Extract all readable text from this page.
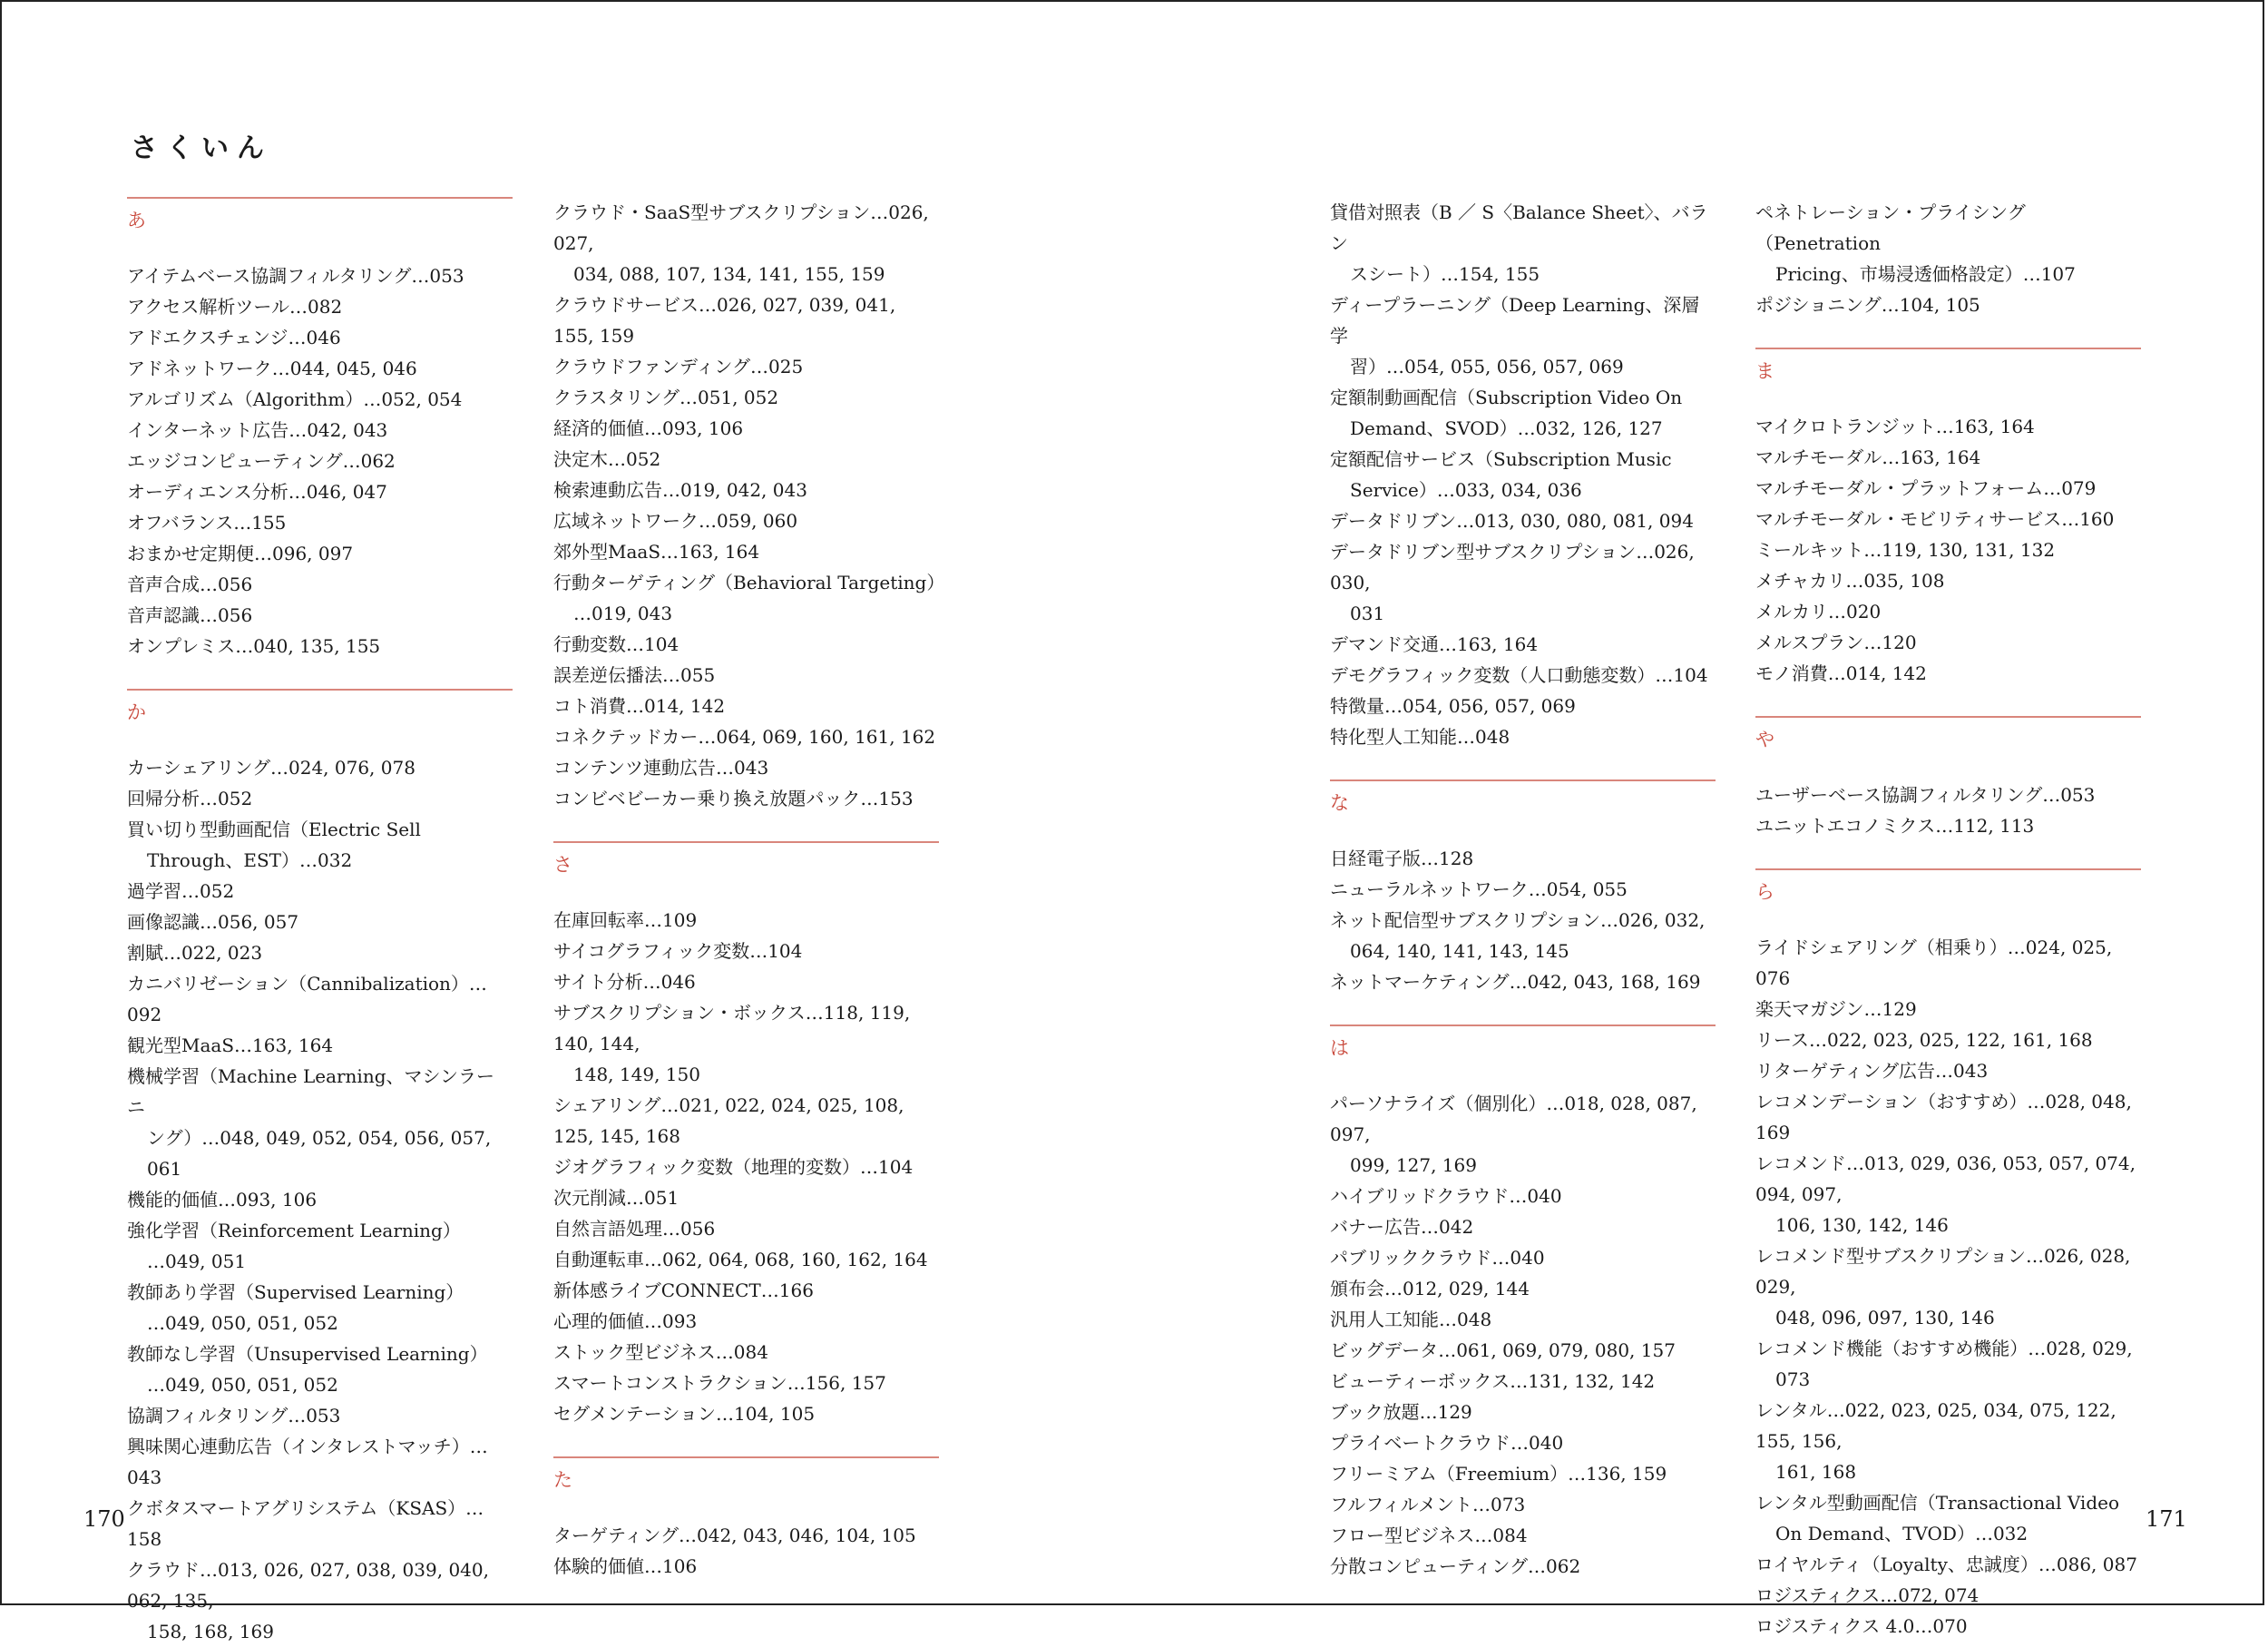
さくいん
あ
アイテムベース協調フィルタリング…053
アクセス解析ツール…082
アドエクスチェンジ…046
アドネットワーク…044, 045, 046
アルゴリズム（Algorithm）…052, 054
インターネット広告…042, 043
エッジコンピューティング…062
オーディエンス分析…046, 047
オフバランス…155
おまかせ定期便…096, 097
音声合成…056
音声認識…056
オンプレミス…040, 135, 155
か
カーシェアリング…024, 076, 078
回帰分析…052
買い切り型動画配信（Electric Sell
Through、EST）…032
過学習…052
画像認識…056, 057
割賦…022, 023
カニバリゼーション（Cannibalization）…092
観光型MaaS…163, 164
機械学習（Machine Learning、マシンラーニ
ング）…048, 049, 052, 054, 056, 057, 061
機能的価値…093, 106
強化学習（Reinforcement Learning）
…049, 051
教師あり学習（Supervised Learning）
…049, 050, 051, 052
教師なし学習（Unsupervised Learning）
…049, 050, 051, 052
協調フィルタリング…053
興味関心連動広告（インタレストマッチ）…043
クボタスマートアグリシステム（KSAS）…158
クラウド…013, 026, 027, 038, 039, 040, 062, 135,
158, 168, 169
クラウド・SaaS型サブスクリプション…026, 027,
034, 088, 107, 134, 141, 155, 159
クラウドサービス…026, 027, 039, 041, 155, 159
クラウドファンディング…025
クラスタリング…051, 052
経済的価値…093, 106
決定木…052
検索連動広告…019, 042, 043
広域ネットワーク…059, 060
郊外型MaaS…163, 164
行動ターゲティング（Behavioral Targeting）
…019, 043
行動変数…104
誤差逆伝播法…055
コト消費…014, 142
コネクテッドカー…064, 069, 160, 161, 162
コンテンツ連動広告…043
コンビベビーカー乗り換え放題パック…153
さ
在庫回転率…109
サイコグラフィック変数…104
サイト分析…046
サブスクリプション・ボックス…118, 119, 140, 144,
148, 149, 150
シェアリング…021, 022, 024, 025, 108, 125, 145, 168
ジオグラフィック変数（地理的変数）…104
次元削減…051
自然言語処理…056
自動運転車…062, 064, 068, 160, 162, 164
新体感ライブCONNECT…166
心理的価値…093
ストック型ビジネス…084
スマートコンストラクション…156, 157
セグメンテーション…104, 105
た
ターゲティング…042, 043, 046, 104, 105
体験的価値…106
貸借対照表（B ／ S〈Balance Sheet〉、バラン
スシート）…154, 155
ディープラーニング（Deep Learning、深層学
習）…054, 055, 056, 057, 069
定額制動画配信（Subscription Video On
Demand、SVOD）…032, 126, 127
定額配信サービス（Subscription Music
Service）…033, 034, 036
データドリブン…013, 030, 080, 081, 094
データドリブン型サブスクリプション…026, 030,
031
デマンド交通…163, 164
デモグラフィック変数（人口動態変数）…104
特徴量…054, 056, 057, 069
特化型人工知能…048
な
日経電子版…128
ニューラルネットワーク…054, 055
ネット配信型サブスクリプション…026, 032,
064, 140, 141, 143, 145
ネットマーケティング…042, 043, 168, 169
は
パーソナライズ（個別化）…018, 028, 087, 097,
099, 127, 169
ハイブリッドクラウド…040
バナー広告…042
パブリッククラウド…040
頒布会…012, 029, 144
汎用人工知能…048
ビッグデータ…061, 069, 079, 080, 157
ビューティーボックス…131, 132, 142
ブック放題…129
プライベートクラウド…040
フリーミアム（Freemium）…136, 159
フルフィルメント…073
フロー型ビジネス…084
分散コンピューティング…062
ペネトレーション・プライシング（Penetration
Pricing、市場浸透価格設定）…107
ポジショニング…104, 105
ま
マイクロトランジット…163, 164
マルチモーダル…163, 164
マルチモーダル・プラットフォーム…079
マルチモーダル・モビリティサービス…160
ミールキット…119, 130, 131, 132
メチャカリ…035, 108
メルカリ…020
メルスプラン…120
モノ消費…014, 142
や
ユーザーベース協調フィルタリング…053
ユニットエコノミクス…112, 113
ら
ライドシェアリング（相乗り）…024, 025, 076
楽天マガジン…129
リース…022, 023, 025, 122, 161, 168
リターゲティング広告…043
レコメンデーション（おすすめ）…028, 048, 169
レコメンド…013, 029, 036, 053, 057, 074, 094, 097,
106, 130, 142, 146
レコメンド型サブスクリプション…026, 028, 029,
048, 096, 097, 130, 146
レコメンド機能（おすすめ機能）…028, 029,
073
レンタル…022, 023, 025, 034, 075, 122, 155, 156,
161, 168
レンタル型動画配信（Transactional Video
On Demand、TVOD）…032
ロイヤルティ（Loyalty、忠誠度）…086, 087
ロジスティクス…072, 074
ロジスティクス 4.0…070
170	171
